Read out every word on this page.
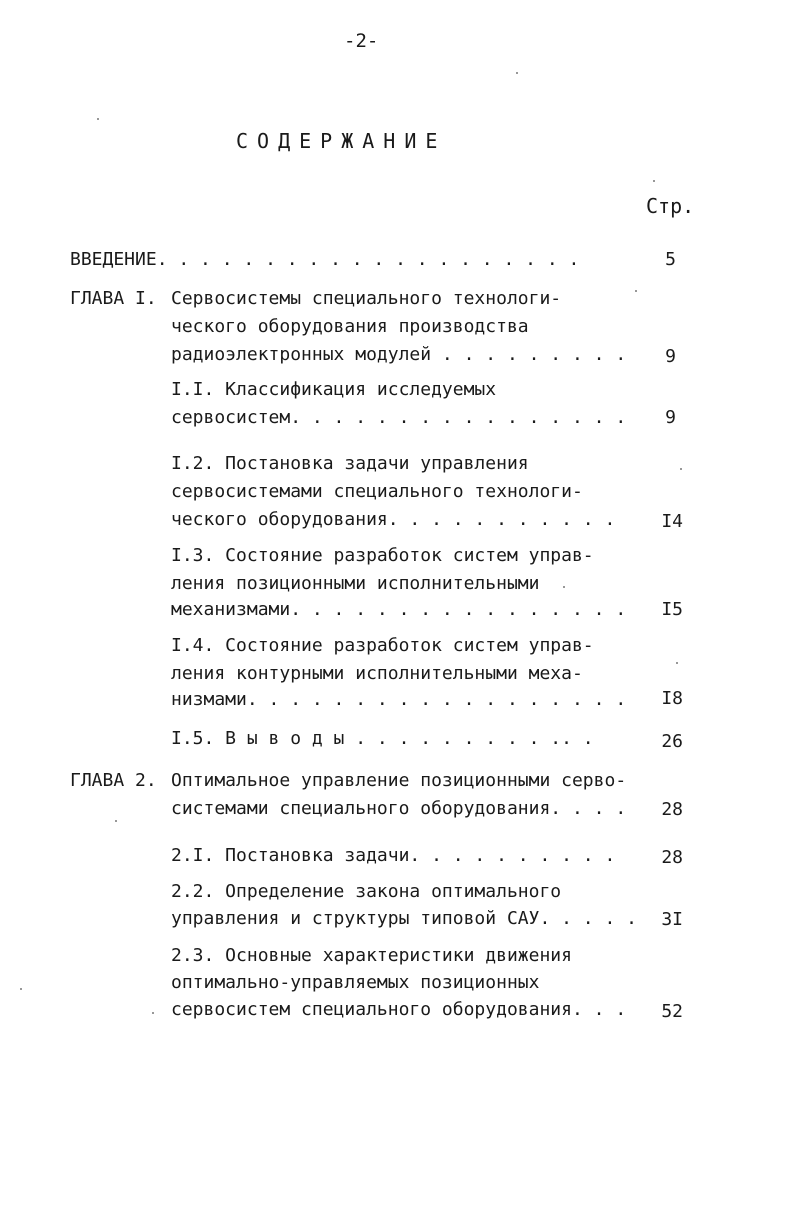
-2-
СОДЕРЖАНИЕ
Стр.
ВВЕДЕНИЕ. . . . . . . . . . . . . . . . . . . .	5
ГЛАВА I. Сервосистемы специального технологи-
ческого оборудования производства
радиоэлектронных модулей . . . . . . . . .	9
I.I. Классификация исследуемых
сервосистем. . . . . . . . . . . . . . . .	9
I.2. Постановка задачи управления
сервосистемами специального технологи-
ческого оборудования. . . . . . . . . . .	I4
I.3. Состояние разработок систем управ-
ления позиционными исполнительными
механизмами. . . . . . . . . . . . . . . .	I5
I.4. Состояние разработок систем управ-
ления контурными исполнительными меха-
низмами. . . . . . . . . . . . . . . . . .	I8
I.5. В ы в о д ы . . . . . . . . . .. .	26
ГЛАВА 2. Оптимальное управление позиционными серво-
системами специального оборудования. . . .	28
2.I. Постановка задачи. . . . . . . . . .	28
2.2. Определение закона оптимального
управления и структуры типовой САУ. . . . .	3I
2.3. Основные характеристики движения
оптимально-управляемых позиционных
сервосистем специального оборудования. . .	52
